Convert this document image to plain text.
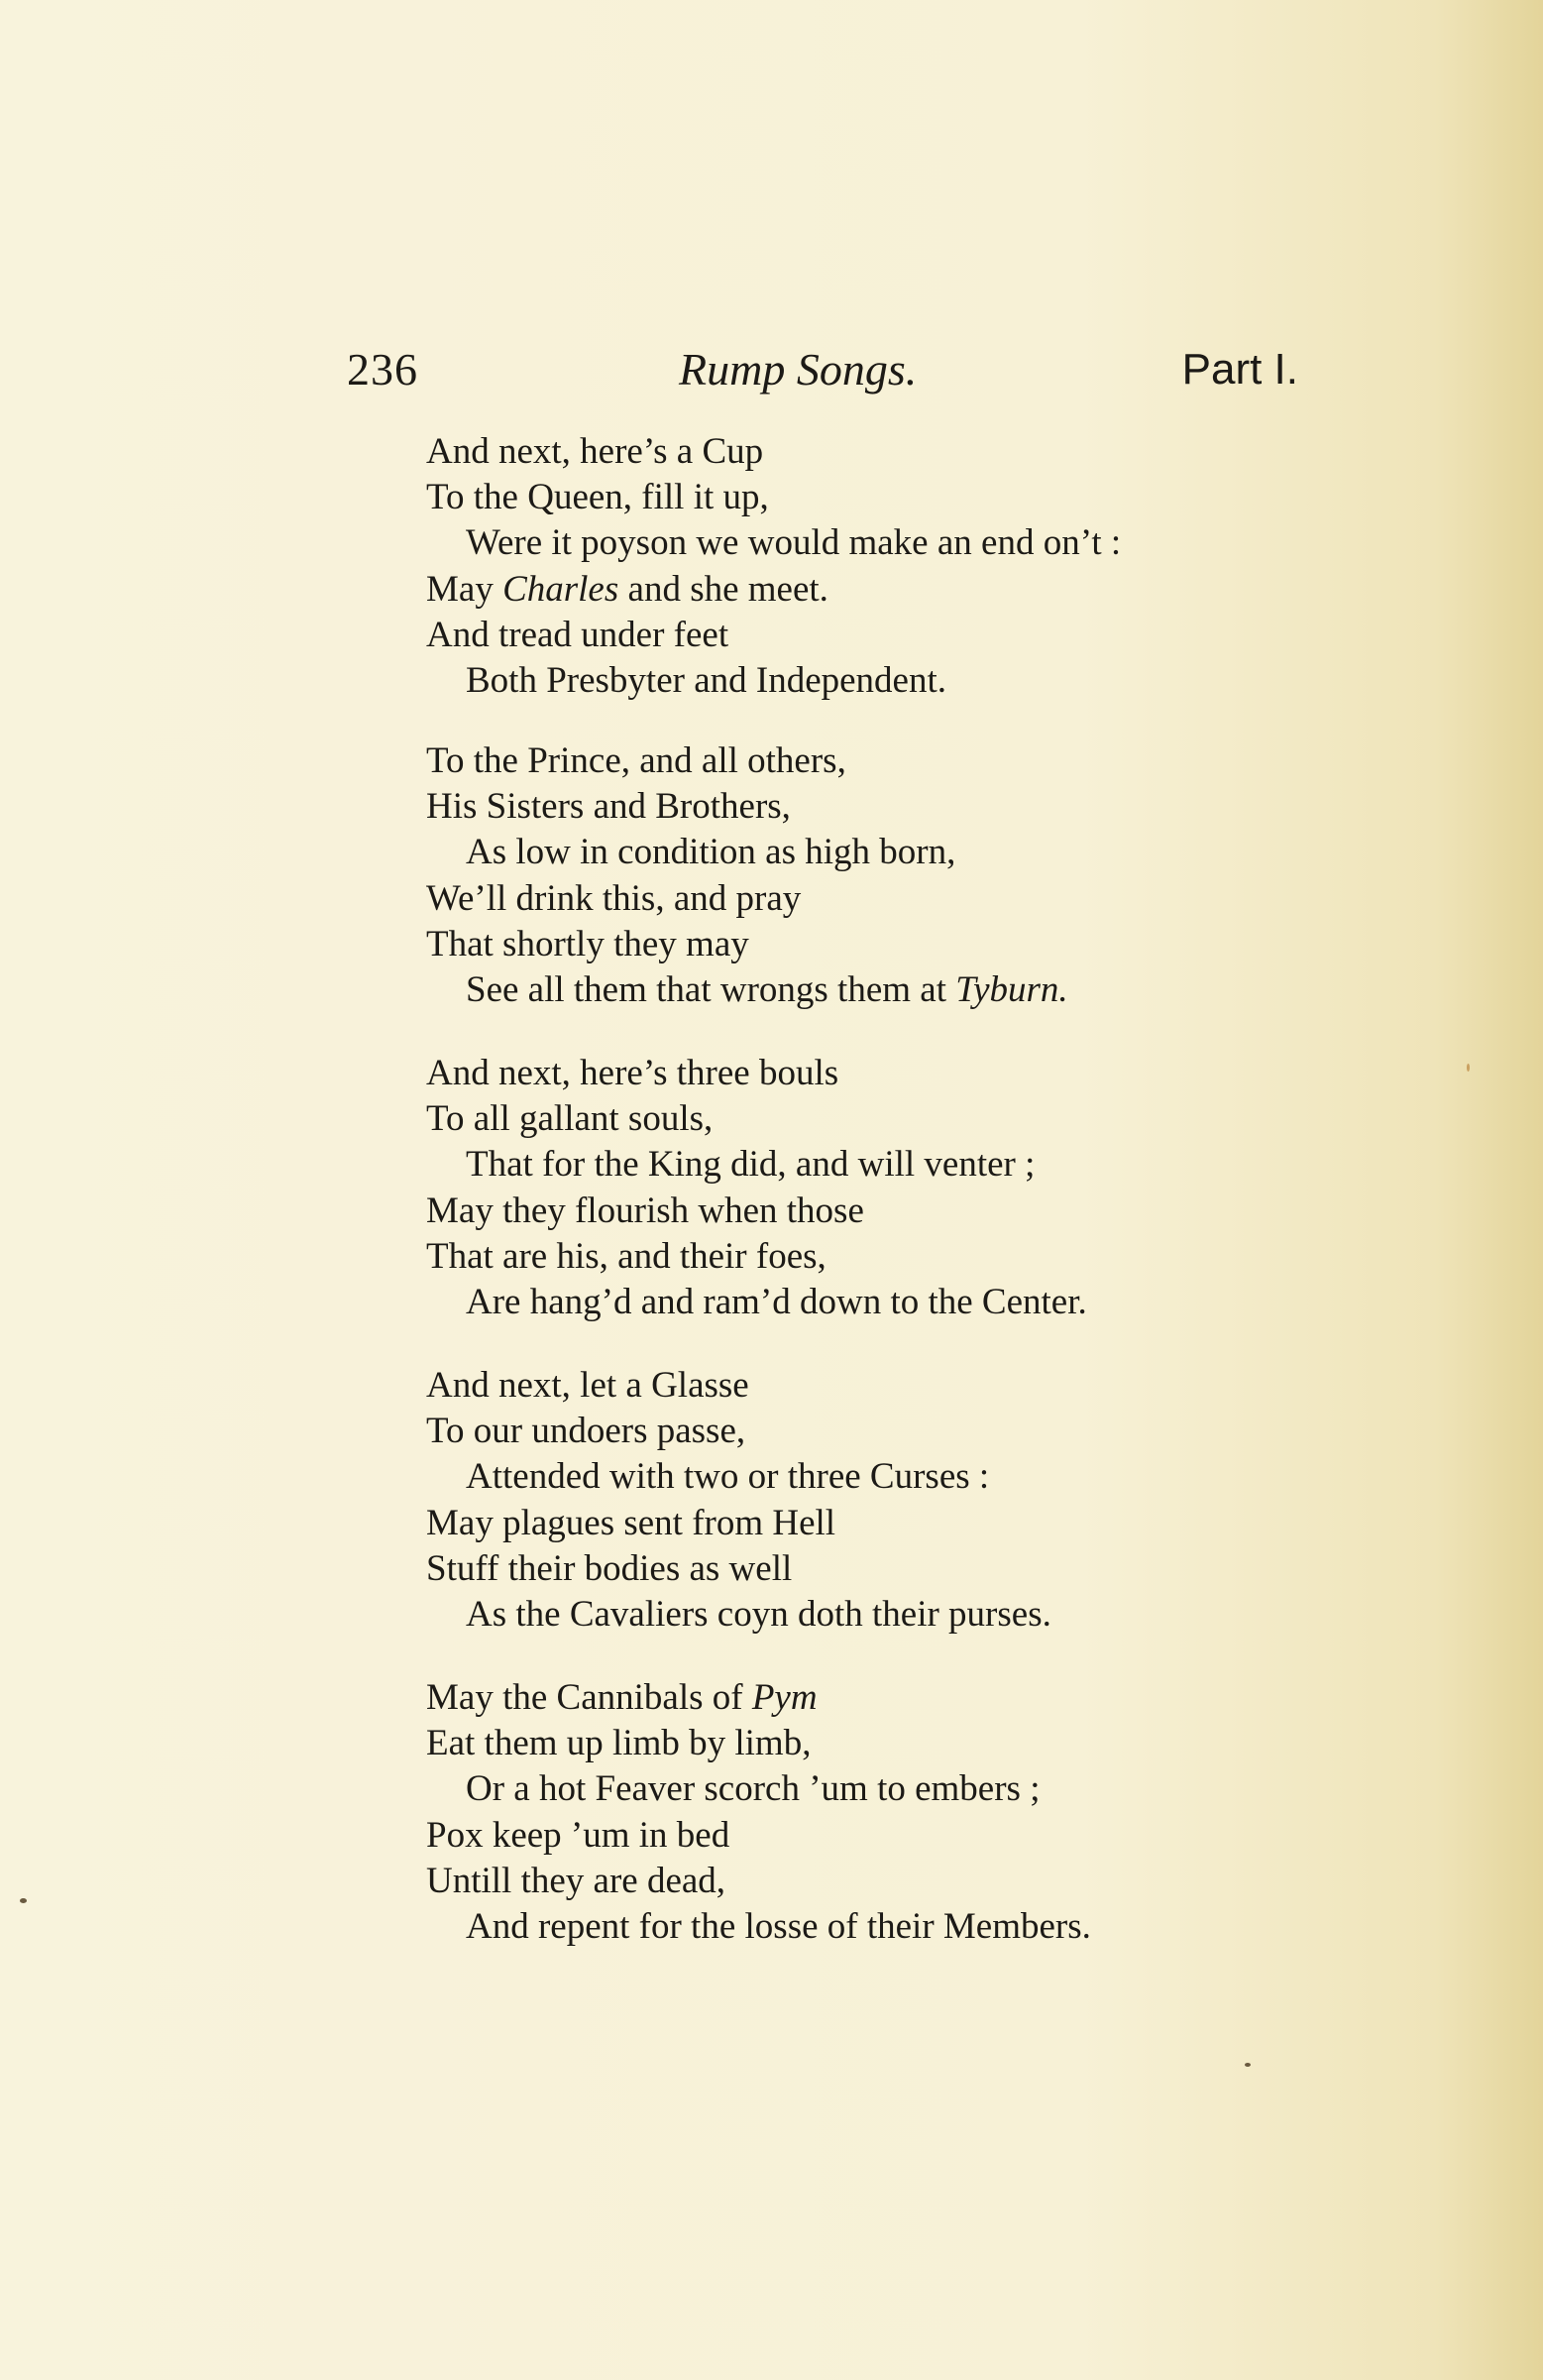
236	Rump Songs.	Part I.
And next, here’s a Cup
To the Queen, fill it up,
Were it poyson we would make an end on’t :
May Charles and she meet.
And tread under feet
Both Presbyter and Independent.
To the Prince, and all others,
His Sisters and Brothers,
As low in condition as high born,
We’ll drink this, and pray
That shortly they may
See all them that wrongs them at Tyburn.
And next, here’s three bouls
To all gallant souls,
That for the King did, and will venter ;
May they flourish when those
That are his, and their foes,
Are hang’d and ram’d down to the Center.
And next, let a Glasse
To our undoers passe,
Attended with two or three Curses :
May plagues sent from Hell
Stuff their bodies as well
As the Cavaliers coyn doth their purses.
May the Cannibals of Pym
Eat them up limb by limb,
Or a hot Feaver scorch ’um to embers ;
Pox keep ’um in bed
Untill they are dead,
And repent for the losse of their Members.
